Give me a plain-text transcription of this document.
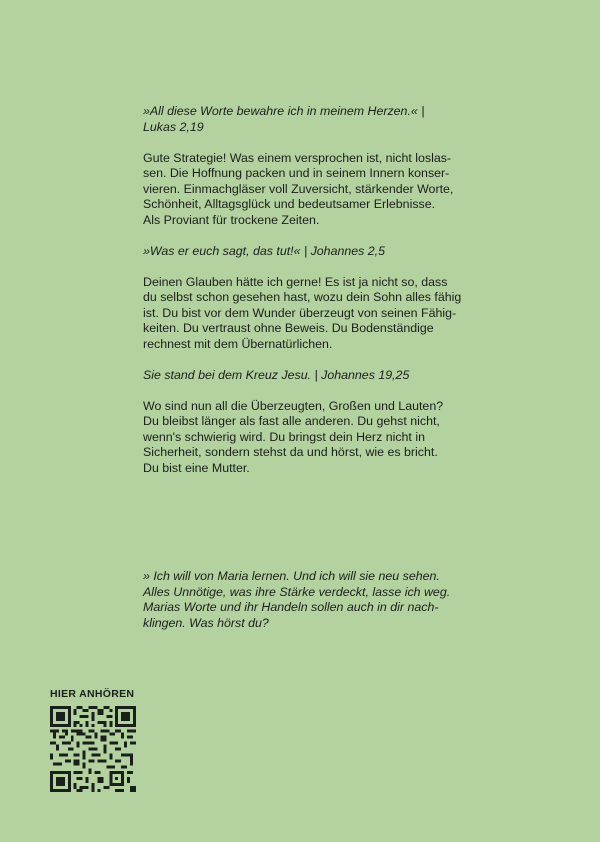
»All diese Worte bewahre ich in meinem Herzen.« |
Lukas 2,19

Gute Strategie! Was einem versprochen ist, nicht loslas-
sen. Die Hoffnung packen und in seinem Innern konser-
vieren. Einmachgläser voll Zuversicht, stärkender Worte,
Schönheit, Alltagsglück und bedeutsamer Erlebnisse.
Als Proviant für trockene Zeiten.

»Was er euch sagt, das tut!« | Johannes 2,5

Deinen Glauben hätte ich gerne! Es ist ja nicht so, dass
du selbst schon gesehen hast, wozu dein Sohn alles fähig
ist. Du bist vor dem Wunder überzeugt von seinen Fähig-
keiten. Du vertraust ohne Beweis. Du Bodenständige
rechnest mit dem Übernatürlichen.

Sie stand bei dem Kreuz Jesu. | Johannes 19,25

Wo sind nun all die Überzeugten, Großen und Lauten?
Du bleibst länger als fast alle anderen. Du gehst nicht,
wenn's schwierig wird. Du bringst dein Herz nicht in
Sicherheit, sondern stehst da und hörst, wie es bricht.
Du bist eine Mutter.

» Ich will von Maria lernen. Und ich will sie neu sehen.
Alles Unnötige, was ihre Stärke verdeckt, lasse ich weg.
Marias Worte und ihr Handeln sollen auch in dir nach-
klingen. Was hörst du?
HIER ANHÖREN
